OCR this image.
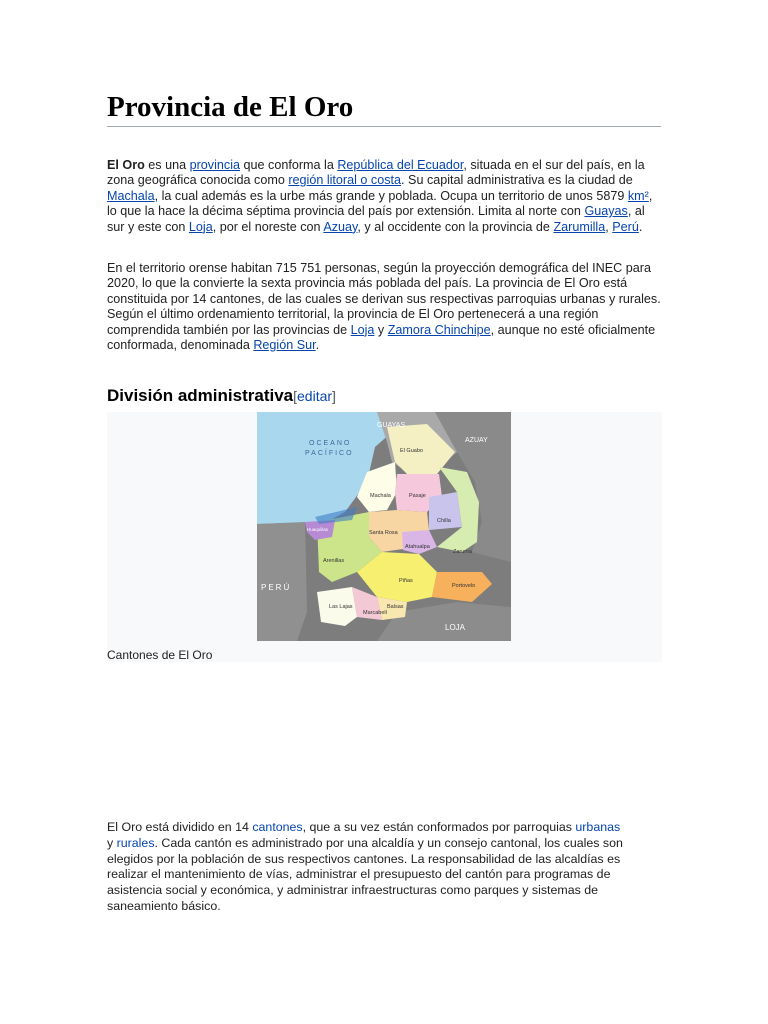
Provincia de El Oro

El Oro es una provincia que conforma la República del Ecuador, situada en el sur del país, en la zona geográfica conocida como región litoral o costa. Su capital administrativa es la ciudad de Machala, la cual además es la urbe más grande y poblada. Ocupa un territorio de unos 5879 km², lo que la hace la décima séptima provincia del país por extensión. Limita al norte con Guayas, al sur y este con Loja, por el noreste con Azuay, y al occidente con la provincia de Zarumilla, Perú.

En el territorio orense habitan 715 751 personas, según la proyección demográfica del INEC para 2020, lo que la convierte la sexta provincia más poblada del país. La provincia de El Oro está constituida por 14 cantones, de las cuales se derivan sus respectivas parroquias urbanas y rurales. Según el último ordenamiento territorial, la provincia de El Oro pertenecerá a una región comprendida también por las provincias de Loja y Zamora Chinchipe, aunque no esté oficialmente conformada, denominada Región Sur.

División administrativa[editar]
OCEANO
PACÍFICO
GUAYAS
AZUAY
PERÚ
LOJA
El Guabo
Machala	Pasaje
Chilla
Santa Rosa
Atahualpa
Zaruma
Arenillas
Piñas
Portovelo
Balsas
Marcabelí
Las Lajas
Huaquillas
Cantones de El Oro

El Oro está dividido en 14 cantones, que a su vez están conformados por parroquias urbanas y rurales. Cada cantón es administrado por una alcaldía y un consejo cantonal, los cuales son elegidos por la población de sus respectivos cantones. La responsabilidad de las alcaldías es realizar el mantenimiento de vías, administrar el presupuesto del cantón para programas de asistencia social y económica, y administrar infraestructuras como parques y sistemas de saneamiento básico.
